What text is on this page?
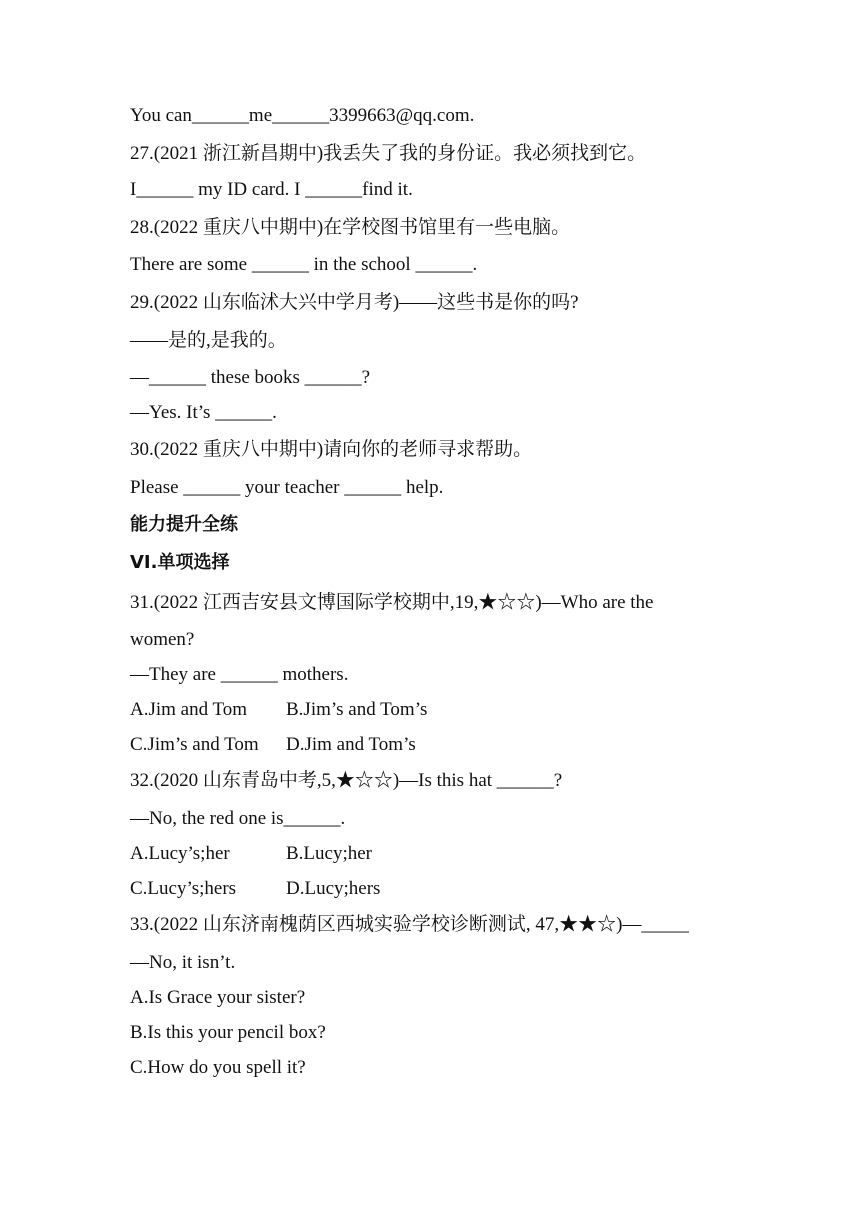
You can______me______3399663@qq.com.
27.(2021 浙江新昌期中)我丢失了我的身份证。我必须找到它。
I______ my ID card. I ______find it.
28.(2022 重庆八中期中)在学校图书馆里有一些电脑。
There are some ______ in the school ______.
29.(2022 山东临沭大兴中学月考)——这些书是你的吗?
——是的,是我的。
—______ these books ______?
—Yes. It’s ______.
30.(2022 重庆八中期中)请向你的老师寻求帮助。
Please ______ your teacher ______ help.
能力提升全练
VI.单项选择
31.(2022 江西吉安县文博国际学校期中,19,★☆☆)—Who are the
women?
—They are ______ mothers.
A.Jim and Tom B.Jim’s and Tom’s
C.Jim’s and Tom D.Jim and Tom’s
32.(2020 山东青岛中考,5,★☆☆)—Is this hat ______?
—No, the red one is______.
A.Lucy’s;her	B.Lucy;her
C.Lucy’s;hers	D.Lucy;hers
33.(2022 山东济南槐荫区西城实验学校诊断测试, 47,★★☆)—_____
—No, it isn’t.
A.Is Grace your sister?
B.Is this your pencil box?
C.How do you spell it?
